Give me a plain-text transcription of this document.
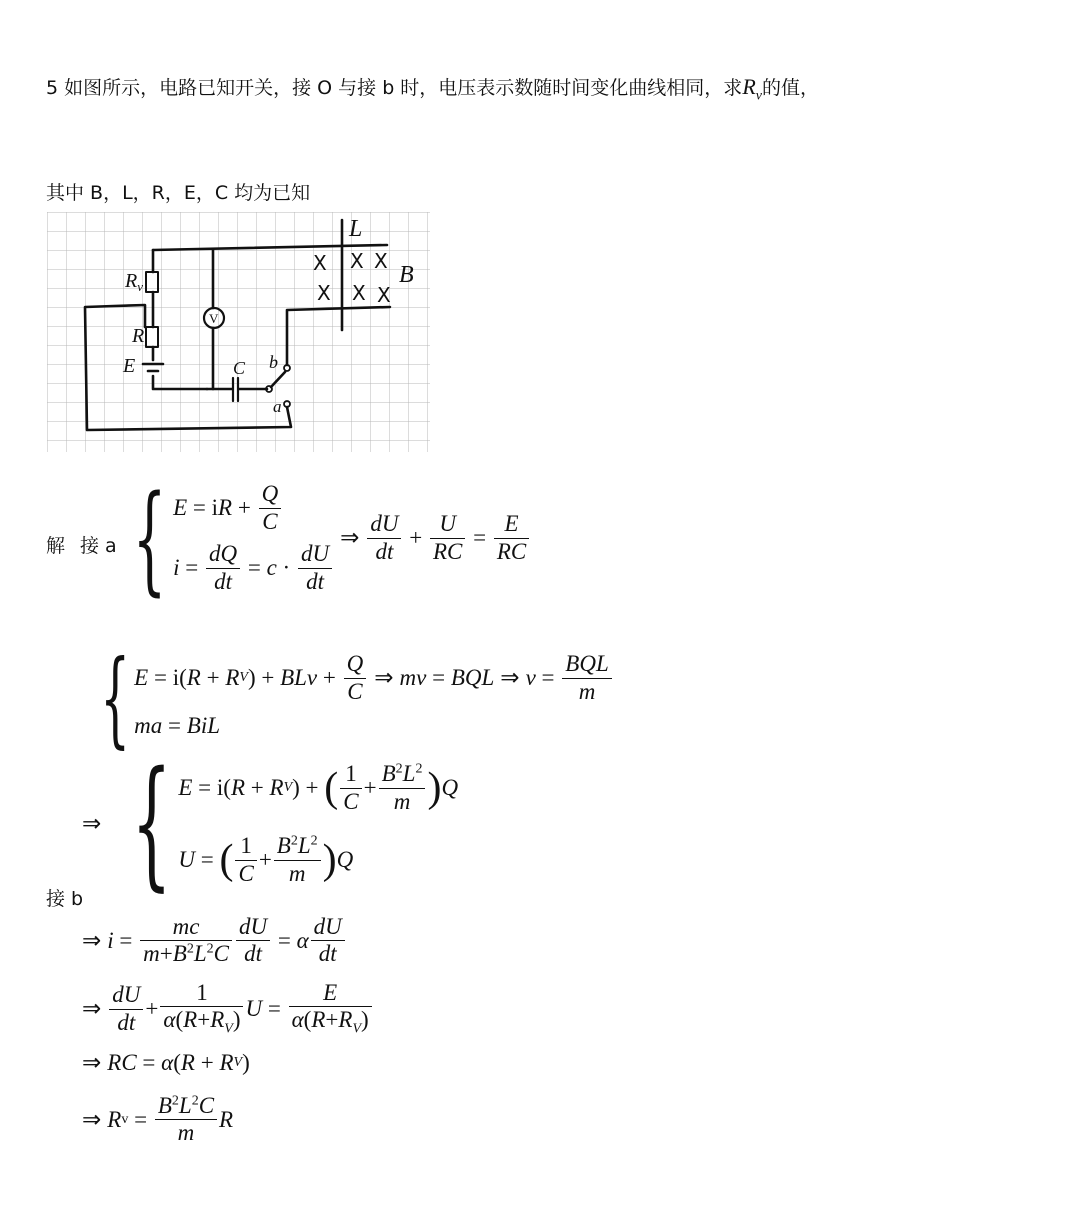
5 如图所示，电路已知开关，接 O 与接 b 时，电压表示数随时间变化曲线相同，求$R_v$的值，
其中 B，L，R，E，C 均为已知
L
B
$R_v$
R
E	C b
a
V
X X X
X X X
解 接 a { E = i $R + \frac{Q}{C}$
$i = \frac{dQ}{dt} = c \cdot \frac{dU}{dt}$
⇒ $\frac{dU}{dt} + \frac{U}{RC} = \frac{E}{RC}$
{ E = i( R + R V ) + BLv + $\frac{Q}{C}$ ⇒ mv = BQL ⇒ $v = \frac{\text{BQL}}{m}$
ma = BiL
⇒ { E = i( R + R V ) + ( $\frac{1}{C} + \frac{B^2L^2}{m}$ ) Q
U = ( $\frac{1}{C} + \frac{B^2L^2}{m}$ ) Q
接 b
⇒ $i = \frac{mc}{m+B^2L^2C} \frac{dU}{dt} = \alpha \frac{dU}{dt}$
⇒ $\frac{dU}{dt} + \frac{1}{\alpha(R+R_V)}$ $U = \frac{E}{\alpha(R+R_V)}$
⇒ RC = α ( R + R V )
⇒ R $v = \frac{B^2L^2C}{m}$ R
